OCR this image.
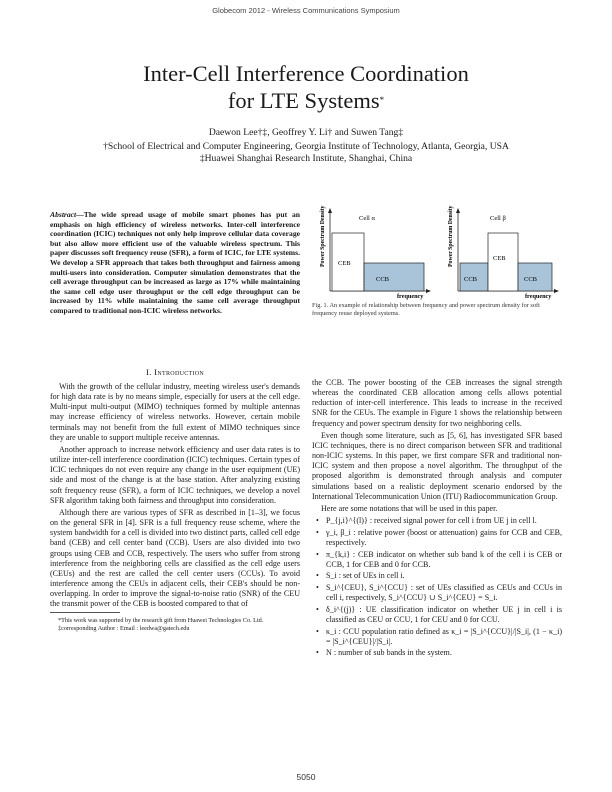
Globecom 2012 - Wireless Communications Symposium
Inter-Cell Interference Coordination
for LTE Systems*
Daewon Lee†‡, Geoffrey Y. Li† and Suwen Tang‡
†School of Electrical and Computer Engineering, Georgia Institute of Technology, Atlanta, Georgia, USA
‡Huawei Shanghai Research Institute, Shanghai, China
Abstract—The wide spread usage of mobile smart phones has put an emphasis on high efficiency of wireless networks. Inter-cell interference coordination (ICIC) techniques not only help improve cellular data coverage but also allow more efficient use of the valuable wireless spectrum. This paper discusses soft frequency reuse (SFR), a form of ICIC, for LTE systems. We develop a SFR approach that takes both throughput and fairness among multi-users into consideration. Computer simulation demonstrates that the cell average throughput can be increased as large as 17% while maintaining the same cell edge user throughput or the cell edge throughput can be increased by 11% while maintaining the same cell average throughput compared to traditional non-ICIC wireless networks.
CEB
CCB
Cell α
frequency
Power Spectrum Density
CCB
CEB
CCB
Cell β
frequency
Power Spectrum Density
Fig. 1. An example of relationship between frequency and power spectrum density for soft frequency reuse deployed systems.
I. Introduction

With the growth of the cellular industry, meeting wireless user's demands for high data rate is by no means simple, especially for users at the cell edge. Multi-input multi-output (MIMO) techniques formed by multiple antennas may increase efficiency of wireless networks. However, certain mobile terminals may not benefit from the full extent of MIMO techniques since they are unable to support multiple receive antennas.

Another approach to increase network efficiency and user data rates is to utilize inter-cell interference coordination (ICIC) techniques. Certain types of ICIC techniques do not even require any change in the user equipment (UE) side and most of the change is at the base station. After analyzing existing soft frequency reuse (SFR), a form of ICIC techniques, we develop a novel SFR algorithm taking both fairness and throughput into consideration.

Although there are various types of SFR as described in [1–3], we focus on the general SFR in [4]. SFR is a full frequency reuse scheme, where the system bandwidth for a cell is divided into two distinct parts, called cell edge band (CEB) and cell center band (CCB). Users are also divided into two groups using CEB and CCB, respectively. The users who suffer from strong interference from the neighboring cells are classified as the cell edge users (CEUs) and the rest are called the cell center users (CCUs). To avoid interference among the CEUs in adjacent cells, their CEB's should be non-overlapping. In order to improve the signal-to-noise ratio (SNR) of the CEU the transmit power of the CEB is boosted compared to that of

*This work was supported by the research gift from Huawei Technologies Co. Ltd.
‡corresponding Author : Email : leedwa@gatech.edu

the CCB. The power boosting of the CEB increases the signal strength whereas the coordinated CEB allocation among cells allows potential reduction of inter-cell interference. This leads to increase in the received SNR for the CEUs. The example in Figure 1 shows the relationship between frequency and power spectrum density for two neighboring cells.

Even though some literature, such as [5, 6], has investigated SFR based ICIC techniques, there is no direct comparison between SFR and traditional non-ICIC systems. In this paper, we first compare SFR and traditional non-ICIC system and then propose a novel algorithm. The throughput of the proposed algorithm is demonstrated through analysis and computer simulations based on a realistic deployment scenario endorsed by the International Telecommunication Union (ITU) Radiocommunication Group.

Here are some notations that will be used in this paper.

• P_{j,i}^{(l)} : received signal power for cell i from UE j in cell l.
• γ_i, β_i : relative power (boost or attenuation) gains for CCB and CEB, respectively.
• π_{k,i} : CEB indicator on whether sub band k of the cell i is CEB or CCB, 1 for CEB and 0 for CCB.
• S_i : set of UEs in cell i.
• S_i^{CEU}, S_i^{CCU} : set of UEs classified as CEUs and CCUs in cell i, respectively, S_i^{CCU} ∪ S_i^{CEU} = S_i.
• δ_i^{(j)} : UE classification indicator on whether UE j in cell i is classified as CEU or CCU, 1 for CEU and 0 for CCU.
• κ_i : CCU population ratio defined as κ_i = |S_i^{CCU}|/|S_i|, (1 − κ_i) = |S_i^{CEU}|/|S_i|.
• N : number of sub bands in the system.
5050
